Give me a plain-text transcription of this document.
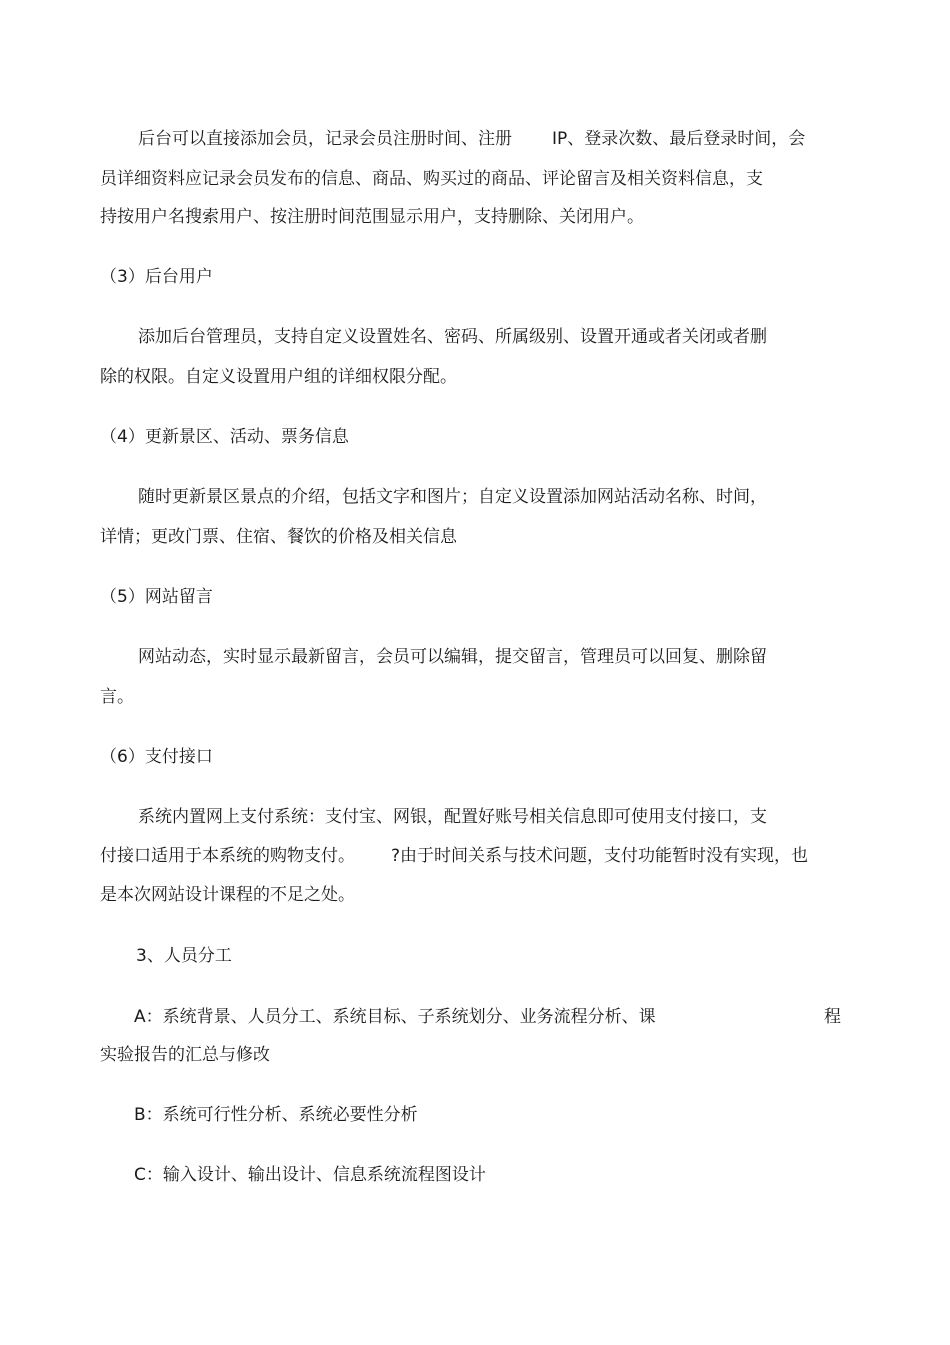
后台可以直接添加会员，记录会员注册时间、注册 IP、登录次数、最后登录时间，会
员详细资料应记录会员发布的信息、商品、购买过的商品、评论留言及相关资料信息，支
持按用户名搜索用户、按注册时间范围显示用户，支持删除、关闭用户。
（3）后台用户
添加后台管理员，支持自定义设置姓名、密码、所属级别、设置开通或者关闭或者删
除的权限。自定义设置用户组的详细权限分配。
（4）更新景区、活动、票务信息
随时更新景区景点的介绍，包括文字和图片；自定义设置添加网站活动名称、时间，
详情；更改门票、住宿、餐饮的价格及相关信息
（5）网站留言
网站动态，实时显示最新留言，会员可以编辑，提交留言，管理员可以回复、删除留
言。
（6）支付接口
系统内置网上支付系统：支付宝、网银，配置好账号相关信息即可使用支付接口，支
付接口适用于本系统的购物支付。 ?由于时间关系与技术问题，支付功能暂时没有实现，也
是本次网站设计课程的不足之处。
3、人员分工
A：系统背景、人员分工、系统目标、子系统划分、业务流程分析、课	程
实验报告的汇总与修改
B：系统可行性分析、系统必要性分析
C：输入设计、输出设计、信息系统流程图设计
